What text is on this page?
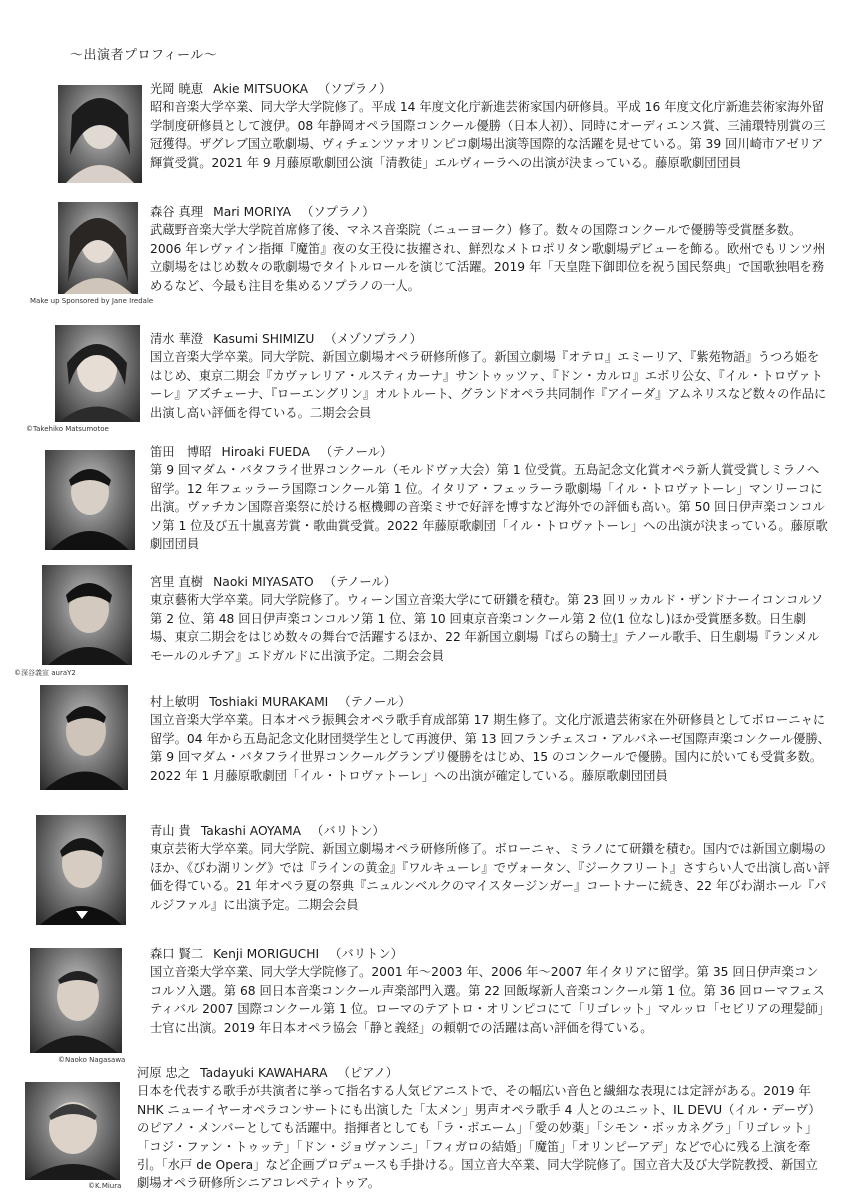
～出演者プロフィール～
光岡 暁恵 Akie MITSUOKA （ソプラノ）
昭和音楽大学卒業、同大学大学院修了。平成 14 年度文化庁新進芸術家国内研修員。平成 16 年度文化庁新進芸術家海外留学制度研修員として渡伊。08 年静岡オペラ国際コンクール優勝（日本人初）、同時にオーディエンス賞、三浦環特別賞の三冠獲得。ザグレブ国立歌劇場、ヴィチェンツァオリンピコ劇場出演等国際的な活躍を見せている。第 39 回川崎市アゼリア輝賞受賞。2021 年 9 月藤原歌劇団公演「清教徒」エルヴィーラへの出演が決まっている。藤原歌劇団団員
Make up Sponsored by Jane Iredale
森谷 真理 Mari MORIYA （ソプラノ）
武蔵野音楽大学大学院首席修了後、マネス音楽院（ニューヨーク）修了。数々の国際コンクールで優勝等受賞歴多数。2006 年レヴァイン指揮『魔笛』夜の女王役に抜擢され、鮮烈なメトロポリタン歌劇場デビューを飾る。欧州でもリンツ州立劇場をはじめ数々の歌劇場でタイトルロールを演じて活躍。2019 年「天皇陛下御即位を祝う国民祭典」で国歌独唱を務めるなど、今最も注目を集めるソプラノの一人。
©Takehiko Matsumotoe
清水 華澄 Kasumi SHIMIZU （メゾソプラノ）
国立音楽大学卒業。同大学院、新国立劇場オペラ研修所修了。新国立劇場『オテロ』エミーリア、『紫苑物語』うつろ姫をはじめ、東京二期会『カヴァレリア・ルスティカーナ』サントゥッツァ、『ドン・カルロ』エボリ公女、『イル・トロヴァトーレ』アズチェーナ、『ローエングリン』オルトルート、グランドオペラ共同制作『アイーダ』アムネリスなど数々の作品に出演し高い評価を得ている。二期会会員
笛田　博昭 Hiroaki FUEDA （テノール）
第 9 回マダム・バタフライ世界コンクール（モルドヴァ大会）第 1 位受賞。五島記念文化賞オペラ新人賞受賞しミラノへ留学。12 年フェッラーラ国際コンクール第 1 位。イタリア・フェッラーラ歌劇場「イル・トロヴァトーレ」マンリーコに出演。ヴァチカン国際音楽祭に於ける枢機卿の音楽ミサで好評を博すなど海外での評価も高い。第 50 回日伊声楽コンコルソ第 1 位及び五十嵐喜芳賞・歌曲賞受賞。2022 年藤原歌劇団「イル・トロヴァトーレ」への出演が決まっている。藤原歌劇団団員
©深谷義宣 auraY2
宮里 直樹 Naoki MIYASATO （テノール）
東京藝術大学卒業。同大学院修了。ウィーン国立音楽大学にて研鑽を積む。第 23 回リッカルド・ザンドナーイコンコルソ第 2 位、第 48 回日伊声楽コンコルソ第 1 位、第 10 回東京音楽コンクール第 2 位(1 位なし)ほか受賞歴多数。日生劇場、東京二期会をはじめ数々の舞台で活躍するほか、22 年新国立劇場『ばらの騎士』テノール歌手、日生劇場『ランメルモールのルチア』エドガルドに出演予定。二期会会員
村上敏明 Toshiaki MURAKAMI （テノール）
国立音楽大学卒業。日本オペラ振興会オペラ歌手育成部第 17 期生修了。文化庁派遣芸術家在外研修員としてボローニャに留学。04 年から五島記念文化財団奨学生として再渡伊、第 13 回フランチェスコ・アルバネーゼ国際声楽コンクール優勝、第 9 回マダム・バタフライ世界コンクールグランプリ優勝をはじめ、15 のコンクールで優勝。国内に於いても受賞多数。2022 年 1 月藤原歌劇団「イル・トロヴァトーレ」への出演が確定している。藤原歌劇団団員
青山 貴 Takashi AOYAMA （バリトン）
東京芸術大学卒業。同大学院、新国立劇場オペラ研修所修了。ボローニャ、ミラノにて研鑽を積む。国内では新国立劇場のほか、《びわ湖リング》では『ラインの黄金』『ワルキューレ』でヴォータン、『ジークフリート』さすらい人で出演し高い評価を得ている。21 年オペラ夏の祭典『ニュルンベルクのマイスタージンガー』コートナーに続き、22 年びわ湖ホール『パルジファル』に出演予定。二期会会員
©Naoko Nagasawa
森口 賢二 Kenji MORIGUCHI （バリトン）
国立音楽大学卒業、同大学大学院修了。2001 年～2003 年、2006 年～2007 年イタリアに留学。第 35 回日伊声楽コンコルソ入選。第 68 回日本音楽コンクール声楽部門入選。第 22 回飯塚新人音楽コンクール第 1 位。第 36 回ローマフェスティバル 2007 国際コンクール第 1 位。ローマのテアトロ・オリンピコにて「リゴレット」マルッロ「セビリアの理髪師」士官に出演。2019 年日本オペラ協会「静と義経」の頼朝での活躍は高い評価を得ている。
©K.Miura
河原 忠之 Tadayuki KAWAHARA （ピアノ）
日本を代表する歌手が共演者に挙って指名する人気ピアニストで、その幅広い音色と繊細な表現には定評がある。2019 年 NHK ニューイヤーオペラコンサートにも出演した「太メン」男声オペラ歌手 4 人とのユニット、IL DEVU（イル・デーヴ）のピアノ・メンバーとしても活躍中。指揮者としても「ラ・ボエーム」「愛の妙薬」「シモン・ボッカネグラ」「リゴレット」「コジ・ファン・トゥッテ」「ドン・ジョヴァンニ」「フィガロの結婚」「魔笛」「オリンピーアデ」などで心に残る上演を牽引。「水戸 de Opera」など企画プロデュースも手掛ける。国立音大卒業、同大学院修了。国立音大及び大学院教授、新国立劇場オペラ研修所シニアコレペティトゥア。
